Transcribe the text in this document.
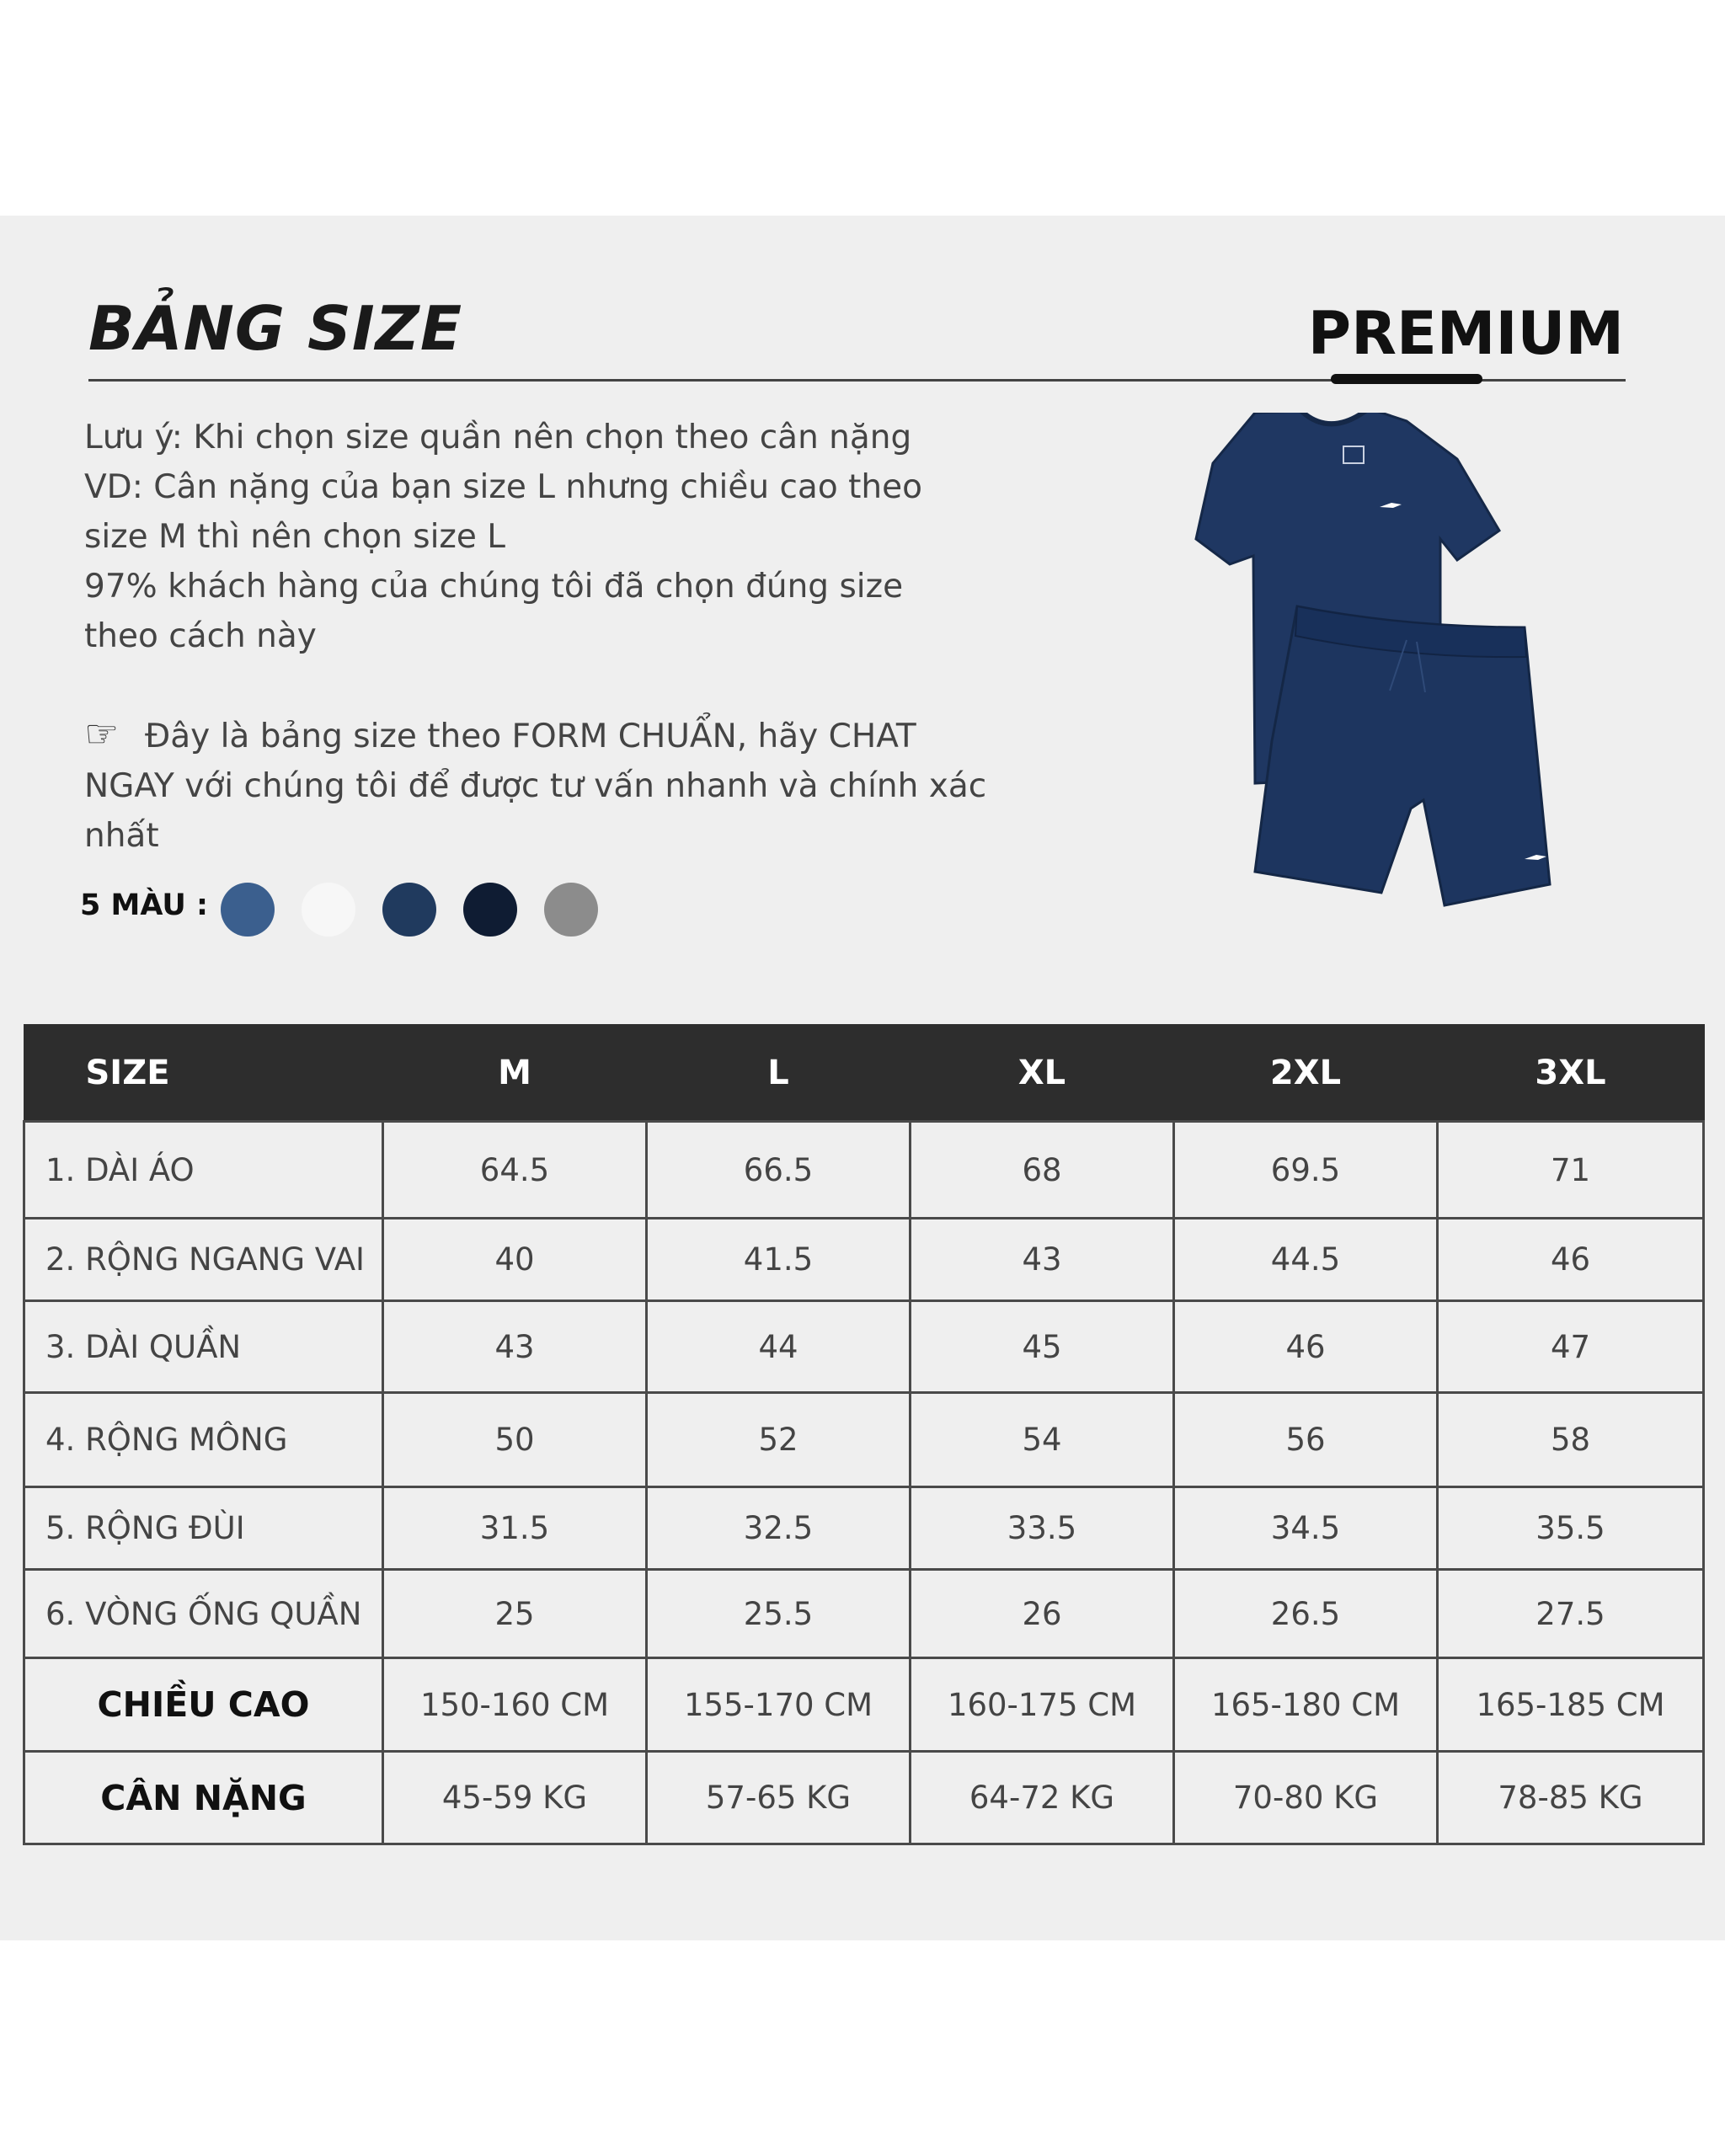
BẢNG SIZE	PREMIUM

Lưu ý: Khi chọn size quần nên chọn theo cân nặng

VD: Cân nặng của bạn size L nhưng chiều cao theo

size M thì nên chọn size L

97% khách hàng của chúng tôi đã chọn đúng size

theo cách này

☞ Đây là bảng size theo FORM CHUẨN, hãy CHAT NGAY với chúng tôi để được tư vấn nhanh và chính xác nhất
5 MÀU :
SIZE	M	L	XL	2XL	3XL
1. DÀI ÁO	64.5	66.5	68	69.5	71
2. RỘNG NGANG VAI	40	41.5	43	44.5	46
3. DÀI QUẦN	43	44	45	46	47
4. RỘNG MÔNG	50	52	54	56	58
5. RỘNG ĐÙI	31.5	32.5	33.5	34.5	35.5
6. VÒNG ỐNG QUẦN	25	25.5	26	26.5	27.5
CHIỀU CAO	150-160 CM	155-170 CM	160-175 CM	165-180 CM	165-185 CM
CÂN NẶNG	45-59 KG	57-65 KG	64-72 KG	70-80 KG	78-85 KG
